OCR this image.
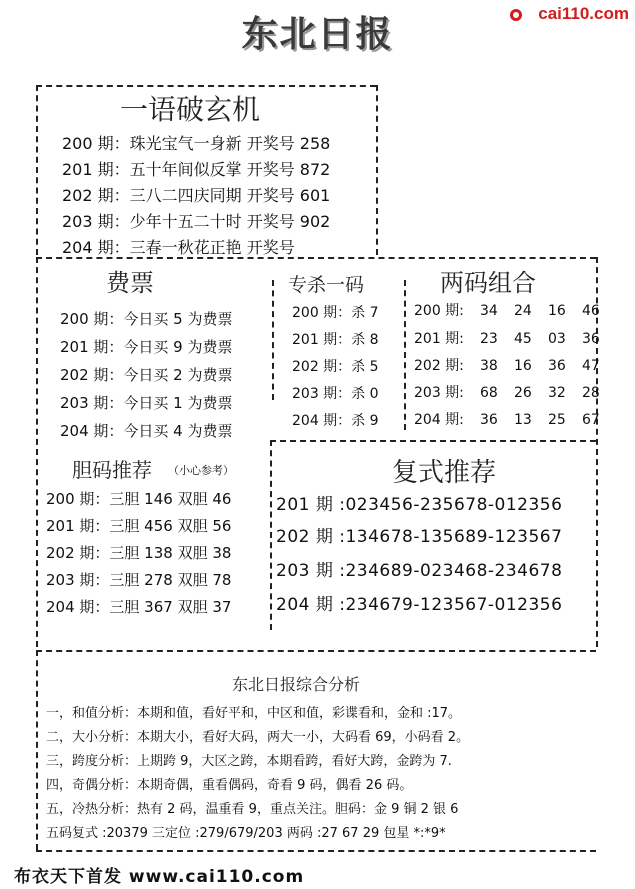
东北日报	cai110.com
一语破玄机
200 期：珠光宝气一身新 开奖号 258
201 期：五十年间似反掌 开奖号 872
202 期：三八二四庆同期 开奖号 601
203 期：少年十五二十时 开奖号 902
204 期：三春一秋花正艳 开奖号
费票
200 期：今日买 5 为费票
201 期：今日买 9 为费票
202 期：今日买 2 为费票
203 期：今日买 1 为费票
204 期：今日买 4 为费票
专杀一码
200 期：杀 7
201 期：杀 8
202 期：杀 5
203 期：杀 0
204 期：杀 9
两码组合
200 期: 34 24 16 46
201 期: 23 45 03 36
202 期: 38 16 36 47
203 期: 68 26 32 28
204 期: 36 13 25 67
胆码推荐 （小心参考）
200 期：三胆 146 双胆 46
201 期：三胆 456 双胆 56
202 期：三胆 138 双胆 38
203 期：三胆 278 双胆 78
204 期：三胆 367 双胆 37
复式推荐
201 期 :023456-235678-012356
202 期 :134678-135689-123567
203 期 :234689-023468-234678
204 期 :234679-123567-012356
东北日报综合分析
一，和值分析：本期和值，看好平和，中区和值，彩谍看和，金和 :17。
二，大小分析：本期大小，看好大码，两大一小，大码看 69，小码看 2。
三，跨度分析：上期跨 9，大区之跨，本期看跨，看好大跨，金跨为 7.
四，奇偶分析：本期奇偶，重看偶码，奇看 9 码，偶看 26 码。
五，冷热分析：热有 2 码，温重看 9，重点关注。胆码：金 9 铜 2 银 6
五码复式 :20379 三定位 :279/679/203 两码 :27 67 29 包星 *:*9*
布衣天下首发 www.cai110.com
